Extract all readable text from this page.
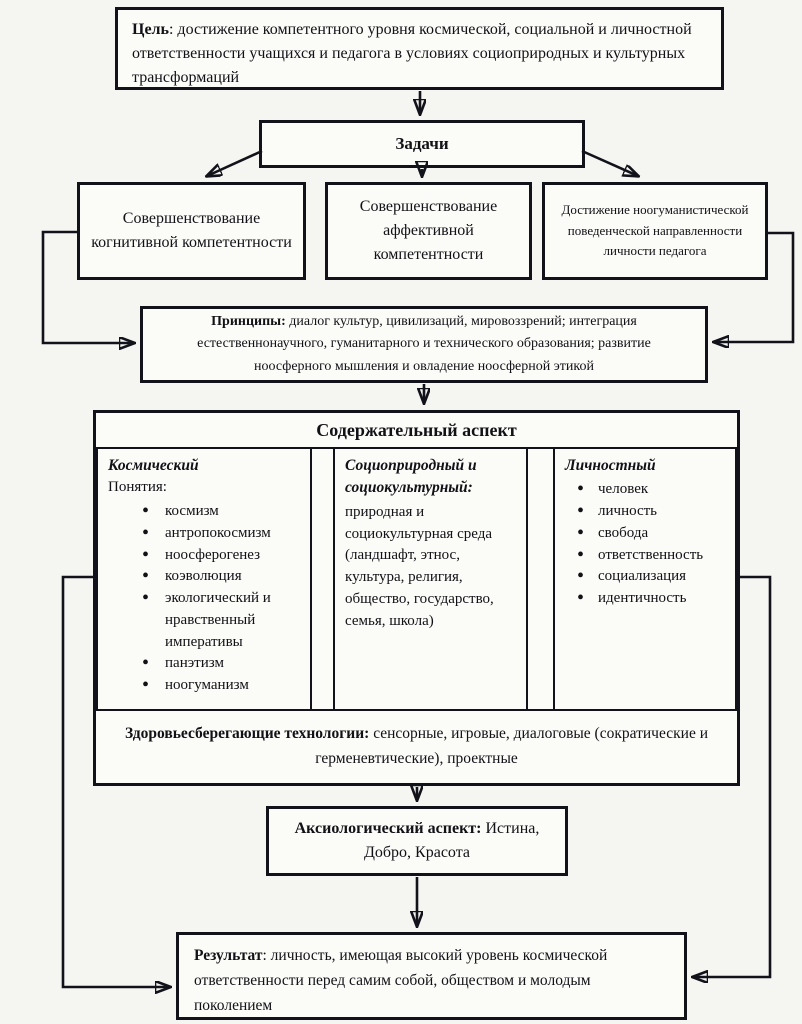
Цель: достижение компетентного уровня космической, социальной и личностной ответственности учащихся и педагога в условиях социоприродных и культурных трансформаций
Задачи
Совершенствование когнитивной компетентности
Совершенствование аффективной компетентности
Достижение ноогуманистической поведенческой направленности личности педагога
Принципы: диалог культур, цивилизаций, мировоззрений; интеграция естественнонаучного, гуманитарного и технического образования; развитие ноосферного мышления и овладение ноосферной этикой
Содержательный аспект
Космический
Понятия:
• космизм
• антропокосмизм
• ноосферогенез
• коэволюция
• экологический и нравственный императивы
• панэтизм
• ноогуманизм
Социоприродный и социокультурный:
природная и социокультурная среда (ландшафт, этнос, культура, религия, общество, государство, семья, школа)
Личностный
• человек
• личность
• свобода
• ответственность
• социализация
• идентичность
Здоровьесберегающие технологии: сенсорные, игровые, диалоговые (сократические и герменевтические), проектные
Аксиологический аспект: Истина, Добро, Красота
Результат: личность, имеющая высокий уровень космической ответственности перед самим собой, обществом и молодым поколением
